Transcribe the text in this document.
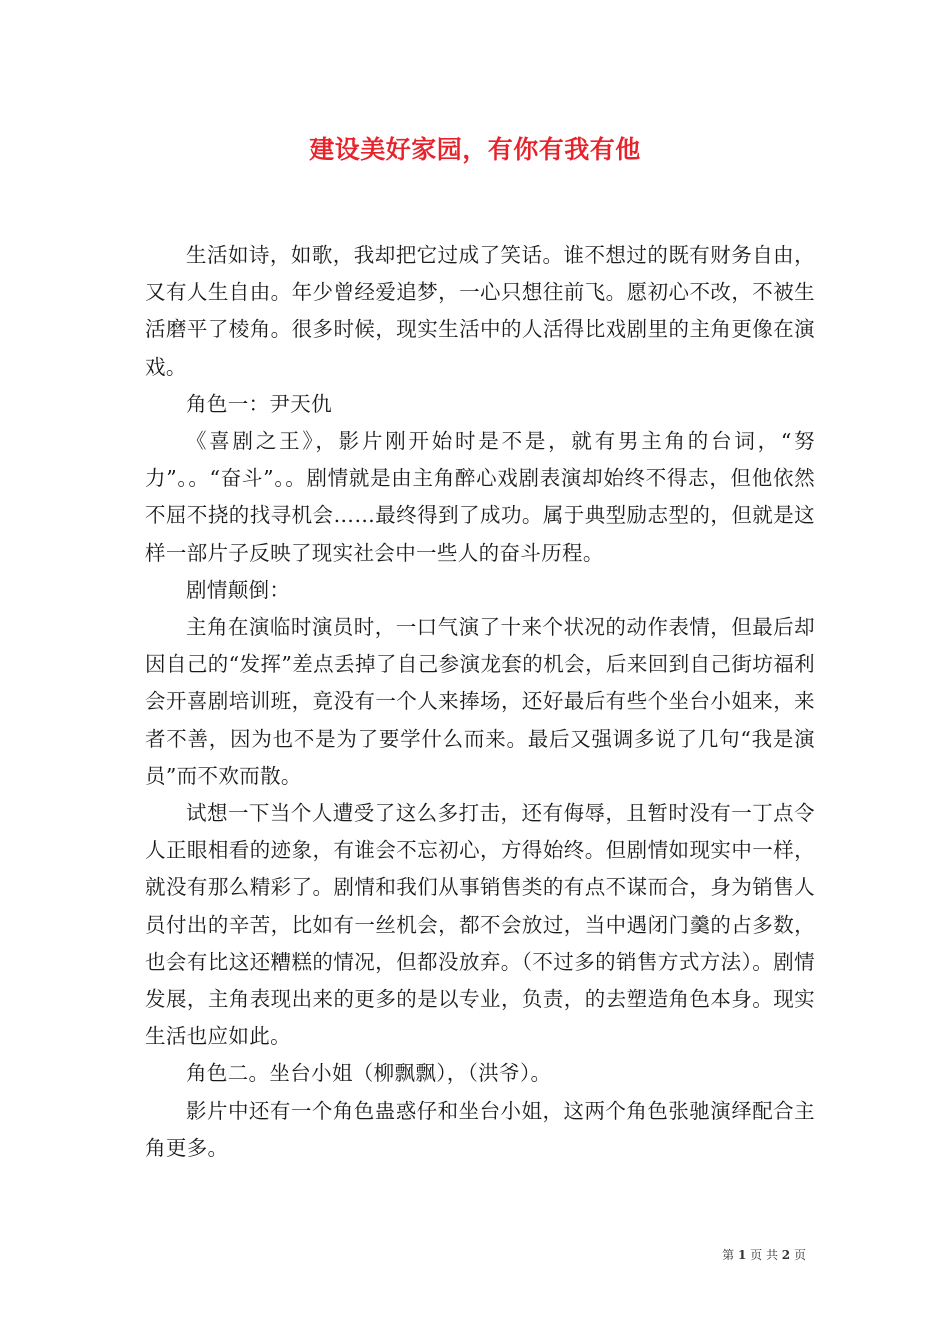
建设美好家园，有你有我有他

生活如诗，如歌，我却把它过成了笑话。谁不想过的既有财务自由，又有人生自由。年少曾经爱追梦，一心只想往前飞。愿初心不改，不被生活磨平了棱角。很多时候，现实生活中的人活得比戏剧里的主角更像在演戏。

角色一：尹天仇

《喜剧之王》，影片刚开始时是不是，就有男主角的台词，“努力”。。“奋斗”。。剧情就是由主角醉心戏剧表演却始终不得志，但他依然不屈不挠的找寻机会……最终得到了成功。属于典型励志型的，但就是这样一部片子反映了现实社会中一些人的奋斗历程。

剧情颠倒：

主角在演临时演员时，一口气演了十来个状况的动作表情，但最后却因自己的“发挥”差点丢掉了自己参演龙套的机会，后来回到自己街坊福利会开喜剧培训班，竟没有一个人来捧场，还好最后有些个坐台小姐来，来者不善，因为也不是为了要学什么而来。最后又强调多说了几句“我是演员”而不欢而散。

试想一下当个人遭受了这么多打击，还有侮辱，且暂时没有一丁点令人正眼相看的迹象，有谁会不忘初心，方得始终。但剧情如现实中一样，就没有那么精彩了。剧情和我们从事销售类的有点不谋而合，身为销售人员付出的辛苦，比如有一丝机会，都不会放过，当中遇闭门羹的占多数，也会有比这还糟糕的情况，但都没放弃。（不过多的销售方式方法）。剧情发展，主角表现出来的更多的是以专业，负责，的去塑造角色本身。现实生活也应如此。

角色二。坐台小姐（柳飘飘），（洪爷）。

影片中还有一个角色蛊惑仔和坐台小姐，这两个角色张驰演绎配合主角更多。

第 1 页 共 2 页
